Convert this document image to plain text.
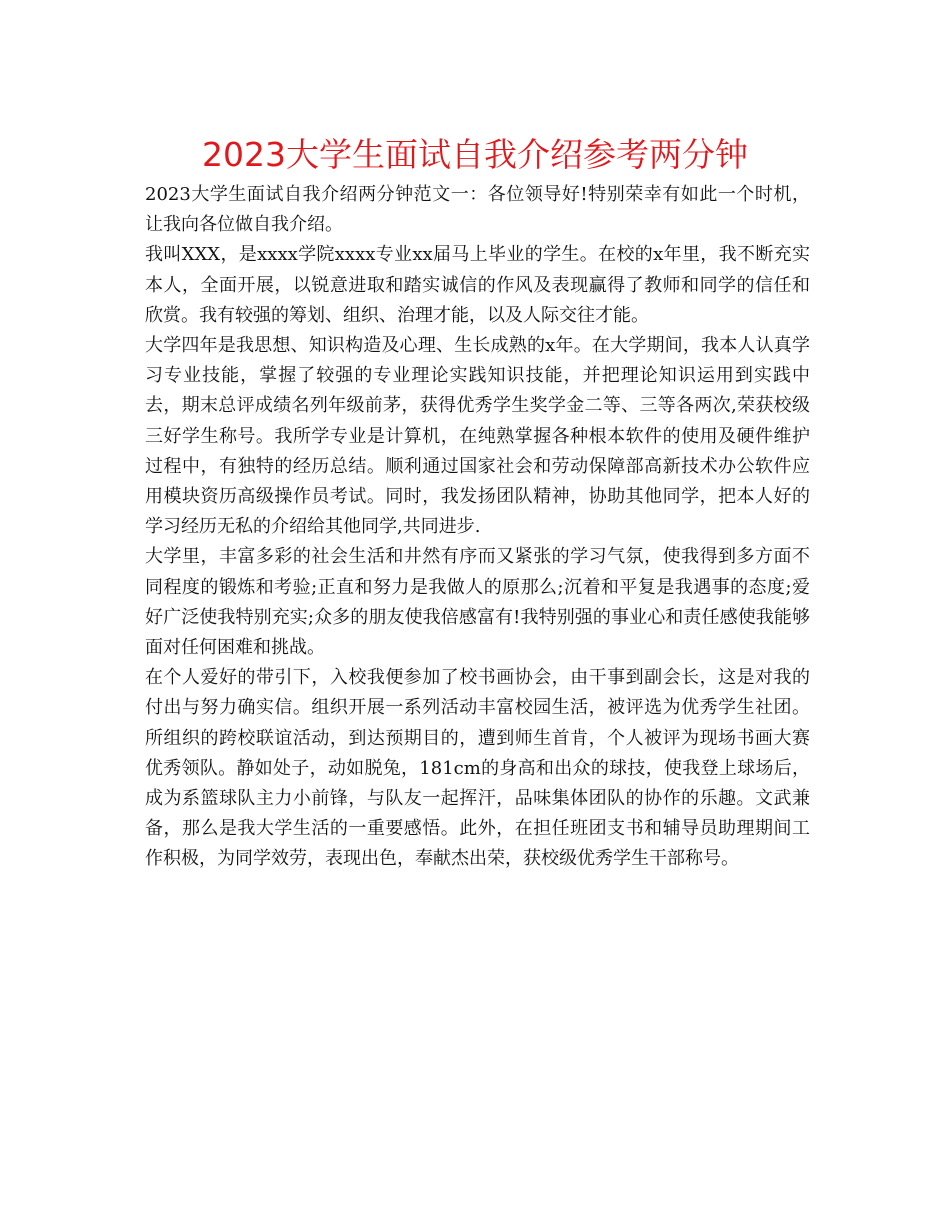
2023大学生面试自我介绍参考两分钟

2023大学生面试自我介绍两分钟范文一：各位领导好!特别荣幸有如此一个时机，让我向各位做自我介绍。

我叫XXX，是xxxx学院xxxx专业xx届马上毕业的学生。在校的x年里，我不断充实本人，全面开展，以锐意进取和踏实诚信的作风及表现赢得了教师和同学的信任和欣赏。我有较强的筹划、组织、治理才能，以及人际交往才能。

大学四年是我思想、知识构造及心理、生长成熟的x年。在大学期间，我本人认真学习专业技能，掌握了较强的专业理论实践知识技能，并把理论知识运用到实践中去，期末总评成绩名列年级前茅，获得优秀学生奖学金二等、三等各两次,荣获校级三好学生称号。我所学专业是计算机，在纯熟掌握各种根本软件的使用及硬件维护过程中，有独特的经历总结。顺利通过国家社会和劳动保障部高新技术办公软件应用模块资历高级操作员考试。同时，我发扬团队精神，协助其他同学，把本人好的学习经历无私的介绍给其他同学,共同进步.

大学里，丰富多彩的社会生活和井然有序而又紧张的学习气氛，使我得到多方面不同程度的锻炼和考验;正直和努力是我做人的原那么;沉着和平复是我遇事的态度;爱好广泛使我特别充实;众多的朋友使我倍感富有!我特别强的事业心和责任感使我能够面对任何困难和挑战。

在个人爱好的带引下，入校我便参加了校书画协会，由干事到副会长，这是对我的付出与努力确实信。组织开展一系列活动丰富校园生活，被评选为优秀学生社团。所组织的跨校联谊活动，到达预期目的，遭到师生首肯，个人被评为现场书画大赛优秀领队。静如处子，动如脱兔，181cm的身高和出众的球技，使我登上球场后，成为系篮球队主力小前锋，与队友一起挥汗，品味集体团队的协作的乐趣。文武兼备，那么是我大学生活的一重要感悟。此外，在担任班团支书和辅导员助理期间工作积极，为同学效劳，表现出色，奉献杰出荣，获校级优秀学生干部称号。
